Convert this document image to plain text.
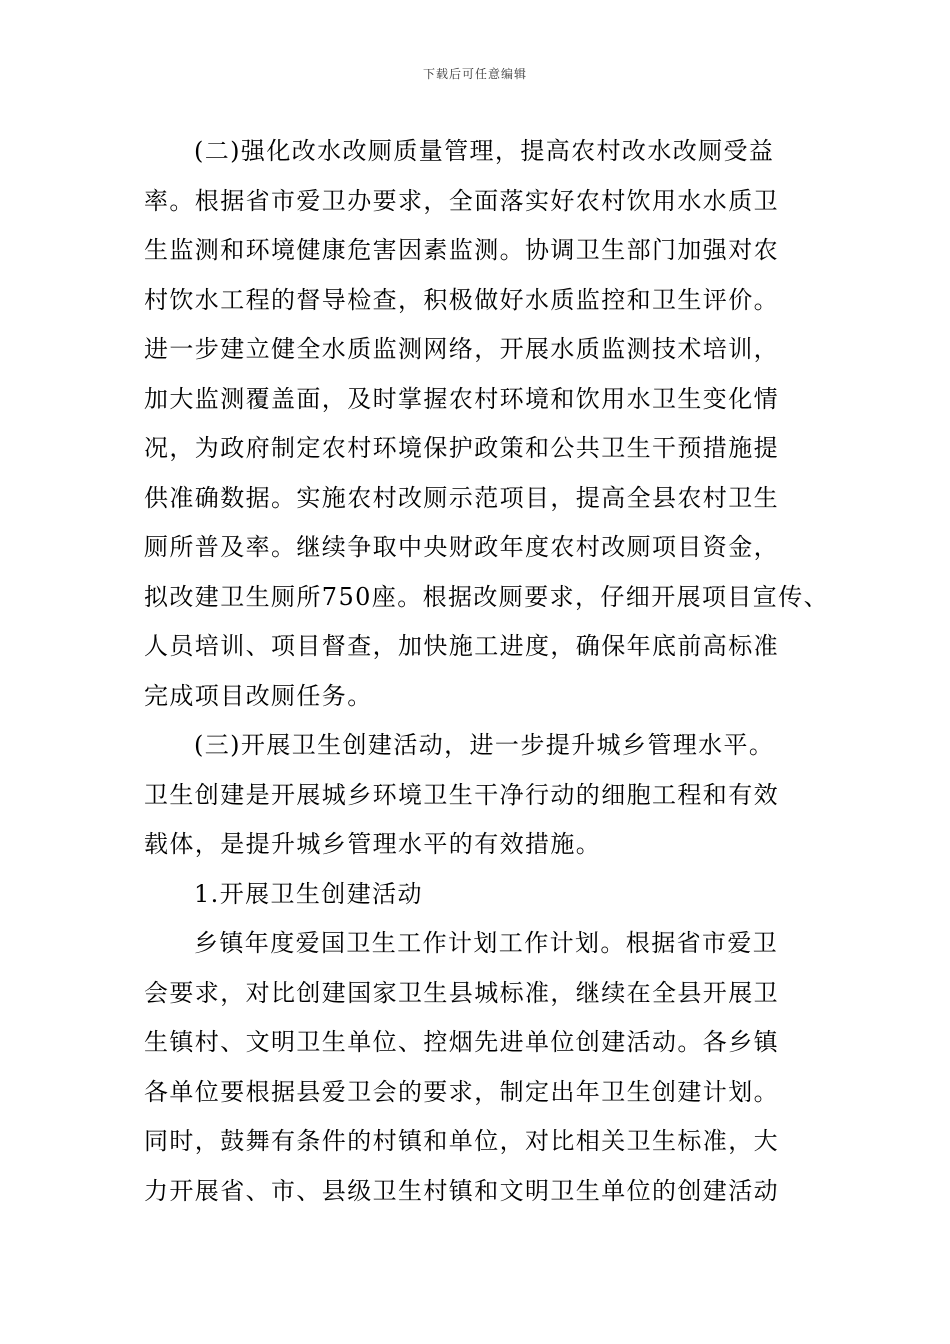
下载后可任意编辑
(二)强化改水改厕质量管理，提高农村改水改厕受益
率。根据省市爱卫办要求，全面落实好农村饮用水水质卫
生监测和环境健康危害因素监测。协调卫生部门加强对农
村饮水工程的督导检查，积极做好水质监控和卫生评价。
进一步建立健全水质监测网络，开展水质监测技术培训，
加大监测覆盖面，及时掌握农村环境和饮用水卫生变化情
况，为政府制定农村环境保护政策和公共卫生干预措施提
供准确数据。实施农村改厕示范项目，提高全县农村卫生
厕所普及率。继续争取中央财政年度农村改厕项目资金，
拟改建卫生厕所750座。根据改厕要求，仔细开展项目宣传、
人员培训、项目督查，加快施工进度，确保年底前高标准
完成项目改厕任务。
(三)开展卫生创建活动，进一步提升城乡管理水平。
卫生创建是开展城乡环境卫生干净行动的细胞工程和有效
载体，是提升城乡管理水平的有效措施。
1.开展卫生创建活动
乡镇年度爱国卫生工作计划工作计划。根据省市爱卫
会要求，对比创建国家卫生县城标准，继续在全县开展卫
生镇村、文明卫生单位、控烟先进单位创建活动。各乡镇
各单位要根据县爱卫会的要求，制定出年卫生创建计划。
同时，鼓舞有条件的村镇和单位，对比相关卫生标准，大
力开展省、市、县级卫生村镇和文明卫生单位的创建活动
